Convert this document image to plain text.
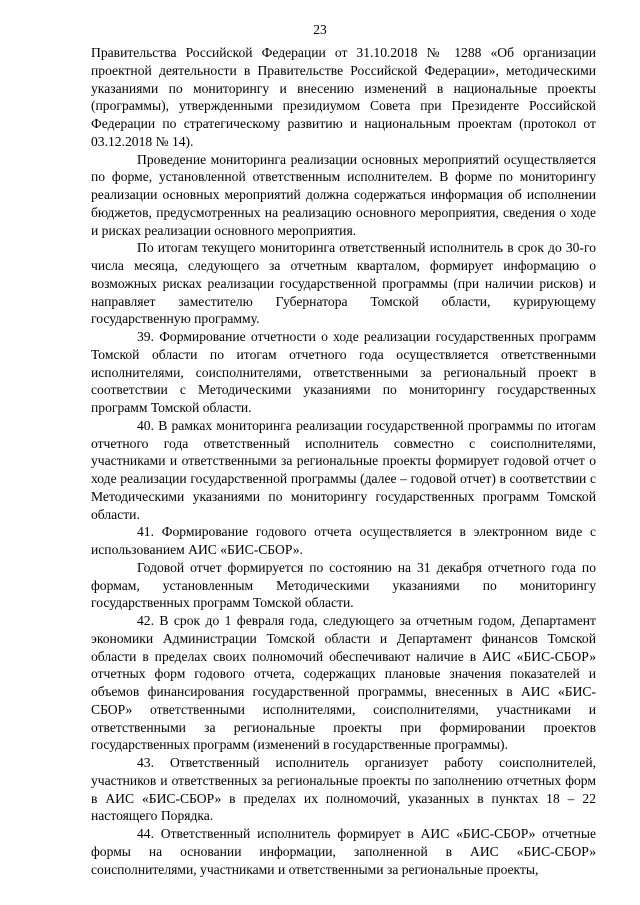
23

Правительства Российской Федерации от 31.10.2018 № 1288 «Об организации проектной деятельности в Правительстве Российской Федерации», методическими указаниями по мониторингу и внесению изменений в национальные проекты (программы), утвержденными президиумом Совета при Президенте Российской Федерации по стратегическому развитию и национальным проектам (протокол от 03.12.2018 № 14).

Проведение мониторинга реализации основных мероприятий осуществляется по форме, установленной ответственным исполнителем. В форме по мониторингу реализации основных мероприятий должна содержаться информация об исполнении бюджетов, предусмотренных на реализацию основного мероприятия, сведения о ходе и рисках реализации основного мероприятия.

По итогам текущего мониторинга ответственный исполнитель в срок до 30-го числа месяца, следующего за отчетным кварталом, формирует информацию о возможных рисках реализации государственной программы (при наличии рисков) и направляет заместителю Губернатора Томской области, курирующему государственную программу.

39. Формирование отчетности о ходе реализации государственных программ Томской области по итогам отчетного года осуществляется ответственными исполнителями, соисполнителями, ответственными за региональный проект в соответствии с Методическими указаниями по мониторингу государственных программ Томской области.

40. В рамках мониторинга реализации государственной программы по итогам отчетного года ответственный исполнитель совместно с соисполнителями, участниками и ответственными за региональные проекты формирует годовой отчет о ходе реализации государственной программы (далее – годовой отчет) в соответствии с Методическими указаниями по мониторингу государственных программ Томской области.

41. Формирование годового отчета осуществляется в электронном виде с использованием АИС «БИС-СБОР».

Годовой отчет формируется по состоянию на 31 декабря отчетного года по формам, установленным Методическими указаниями по мониторингу государственных программ Томской области.

42. В срок до 1 февраля года, следующего за отчетным годом, Департамент экономики Администрации Томской области и Департамент финансов Томской области в пределах своих полномочий обеспечивают наличие в АИС «БИС-СБОР» отчетных форм годового отчета, содержащих плановые значения показателей и объемов финансирования государственной программы, внесенных в АИС «БИС-СБОР» ответственными исполнителями, соисполнителями, участниками и ответственными за региональные проекты при формировании проектов государственных программ (изменений в государственные программы).

43. Ответственный исполнитель организует работу соисполнителей, участников и ответственных за региональные проекты по заполнению отчетных форм в АИС «БИС-СБОР» в пределах их полномочий, указанных в пунктах 18 – 22 настоящего Порядка.

44. Ответственный исполнитель формирует в АИС «БИС-СБОР» отчетные формы на основании информации, заполненной в АИС «БИС-СБОР» соисполнителями, участниками и ответственными за региональные проекты,
